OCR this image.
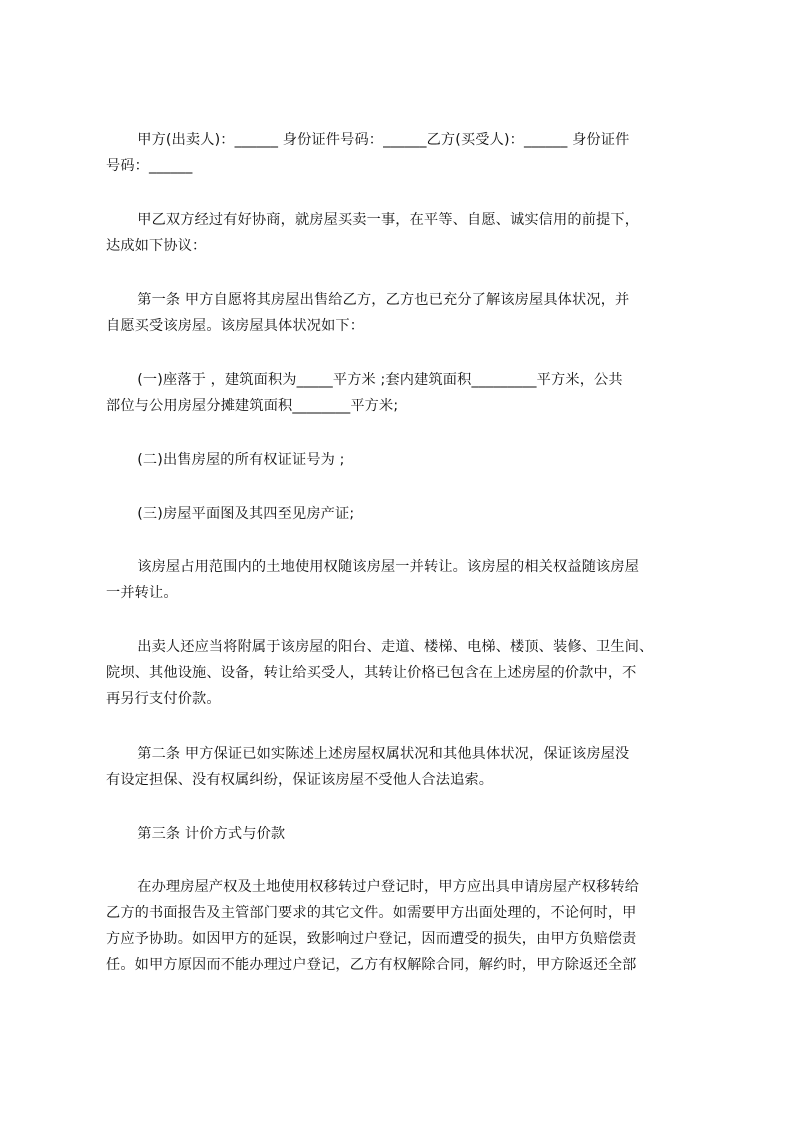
甲方(出卖人)：______ 身份证件号码：______乙方(买受人)：______ 身份证件
号码：______
甲乙双方经过有好协商，就房屋买卖一事，在平等、自愿、诚实信用的前提下，
达成如下协议：
第一条 甲方自愿将其房屋出售给乙方，乙方也已充分了解该房屋具体状况，并
自愿买受该房屋。该房屋具体状况如下：
(一)座落于 ，建筑面积为_____平方米 ;套内建筑面积_________平方米，公共
部位与公用房屋分摊建筑面积________平方米;
(二)出售房屋的所有权证证号为 ;
(三)房屋平面图及其四至见房产证;
该房屋占用范围内的土地使用权随该房屋一并转让。该房屋的相关权益随该房屋
一并转让。
出卖人还应当将附属于该房屋的阳台、走道、楼梯、电梯、楼顶、装修、卫生间、
院坝、其他设施、设备，转让给买受人，其转让价格已包含在上述房屋的价款中，不
再另行支付价款。
第二条 甲方保证已如实陈述上述房屋权属状况和其他具体状况，保证该房屋没
有设定担保、没有权属纠纷，保证该房屋不受他人合法追索。
第三条 计价方式与价款
在办理房屋产权及土地使用权移转过户登记时，甲方应出具申请房屋产权移转给
乙方的书面报告及主管部门要求的其它文件。如需要甲方出面处理的，不论何时，甲
方应予协助。如因甲方的延误，致影响过户登记，因而遭受的损失，由甲方负赔偿责
任。如甲方原因而不能办理过户登记，乙方有权解除合同，解约时，甲方除返还全部
